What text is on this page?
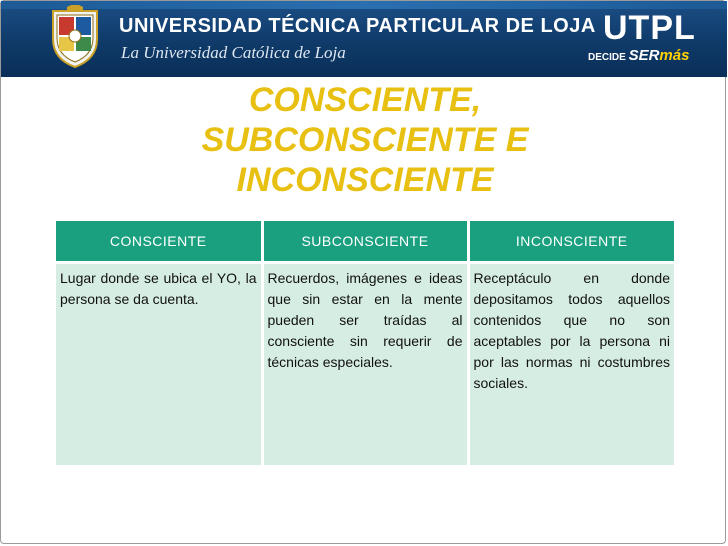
UNIVERSIDAD TÉCNICA PARTICULAR DE LOJA
La Universidad Católica de Loja
UTPL
DECIDE SERmás
CONSCIENTE,
SUBCONSCIENTE E
INCONSCIENTE
CONSCIENTE	SUBCONSCIENTE	INCONSCIENTE
Lugar donde se ubica el YO, la persona se da cuenta.	Recuerdos, imágenes e ideas que sin estar en la mente pueden ser traídas al consciente sin requerir de técnicas especiales.	Receptáculo en donde depositamos todos aquellos contenidos que no son aceptables por la persona ni por las normas ni costumbres sociales.
